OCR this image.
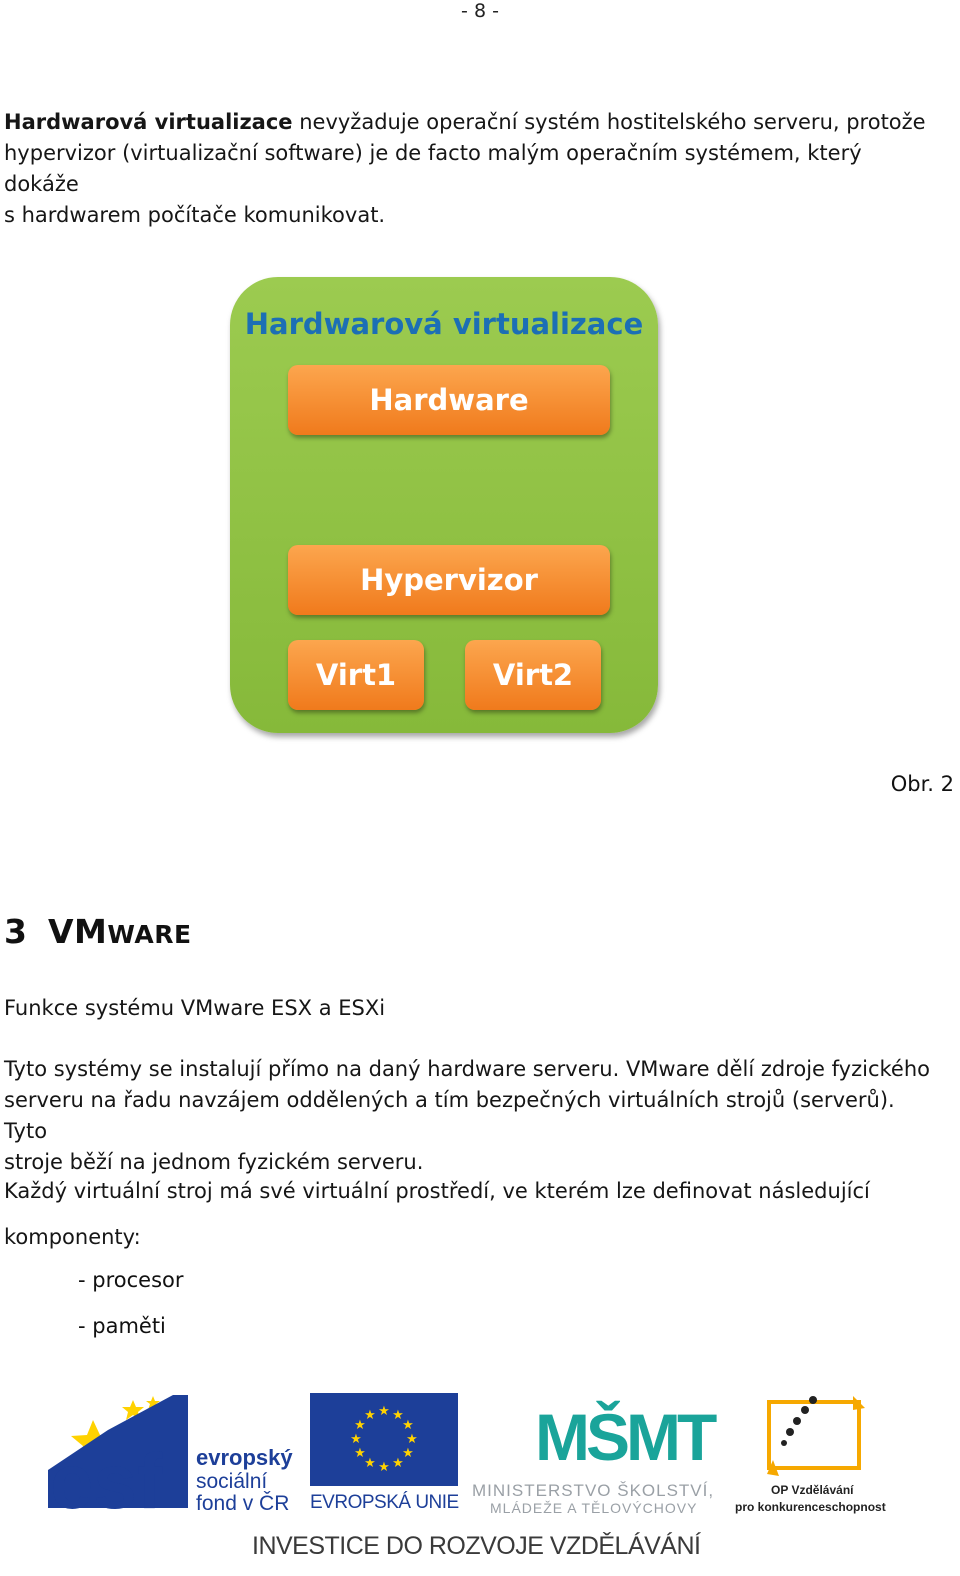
- 8 -
Hardwarová virtualizace nevyžaduje operační systém hostitelského serveru, protože
hypervizor (virtualizační software) je de facto malým operačním systémem, který dokáže
s hardwarem počítače komunikovat.
Hardwarová virtualizace
Hardware
Hypervizor
Virt1	Virt2
Obr. 2
3 VMWARE
Funkce systému VMware ESX a ESXi
Tyto systémy se instalují přímo na daný hardware serveru. VMware dělí zdroje fyzického
serveru na řadu navzájem oddělených a tím bezpečných virtuálních strojů (serverů). Tyto
stroje běží na jednom fyzickém serveru.
Každý virtuální stroj má své virtuální prostředí, ve kterém lze definovat následující
komponenty:
- procesor
- paměti
esf evropský
sociální
fond v ČR
★ ★
★
★
★
★
★
★
★
★
★
★
EVROPSKÁ UNIE
MŠMT
MINISTERSTVO ŠKOLSTVÍ,
MLÁDEŽE A TĚLOVÝCHOVY
OP Vzdělávání
pro konkurenceschopnost
INVESTICE DO ROZVOJE VZDĚLÁVÁNÍ
